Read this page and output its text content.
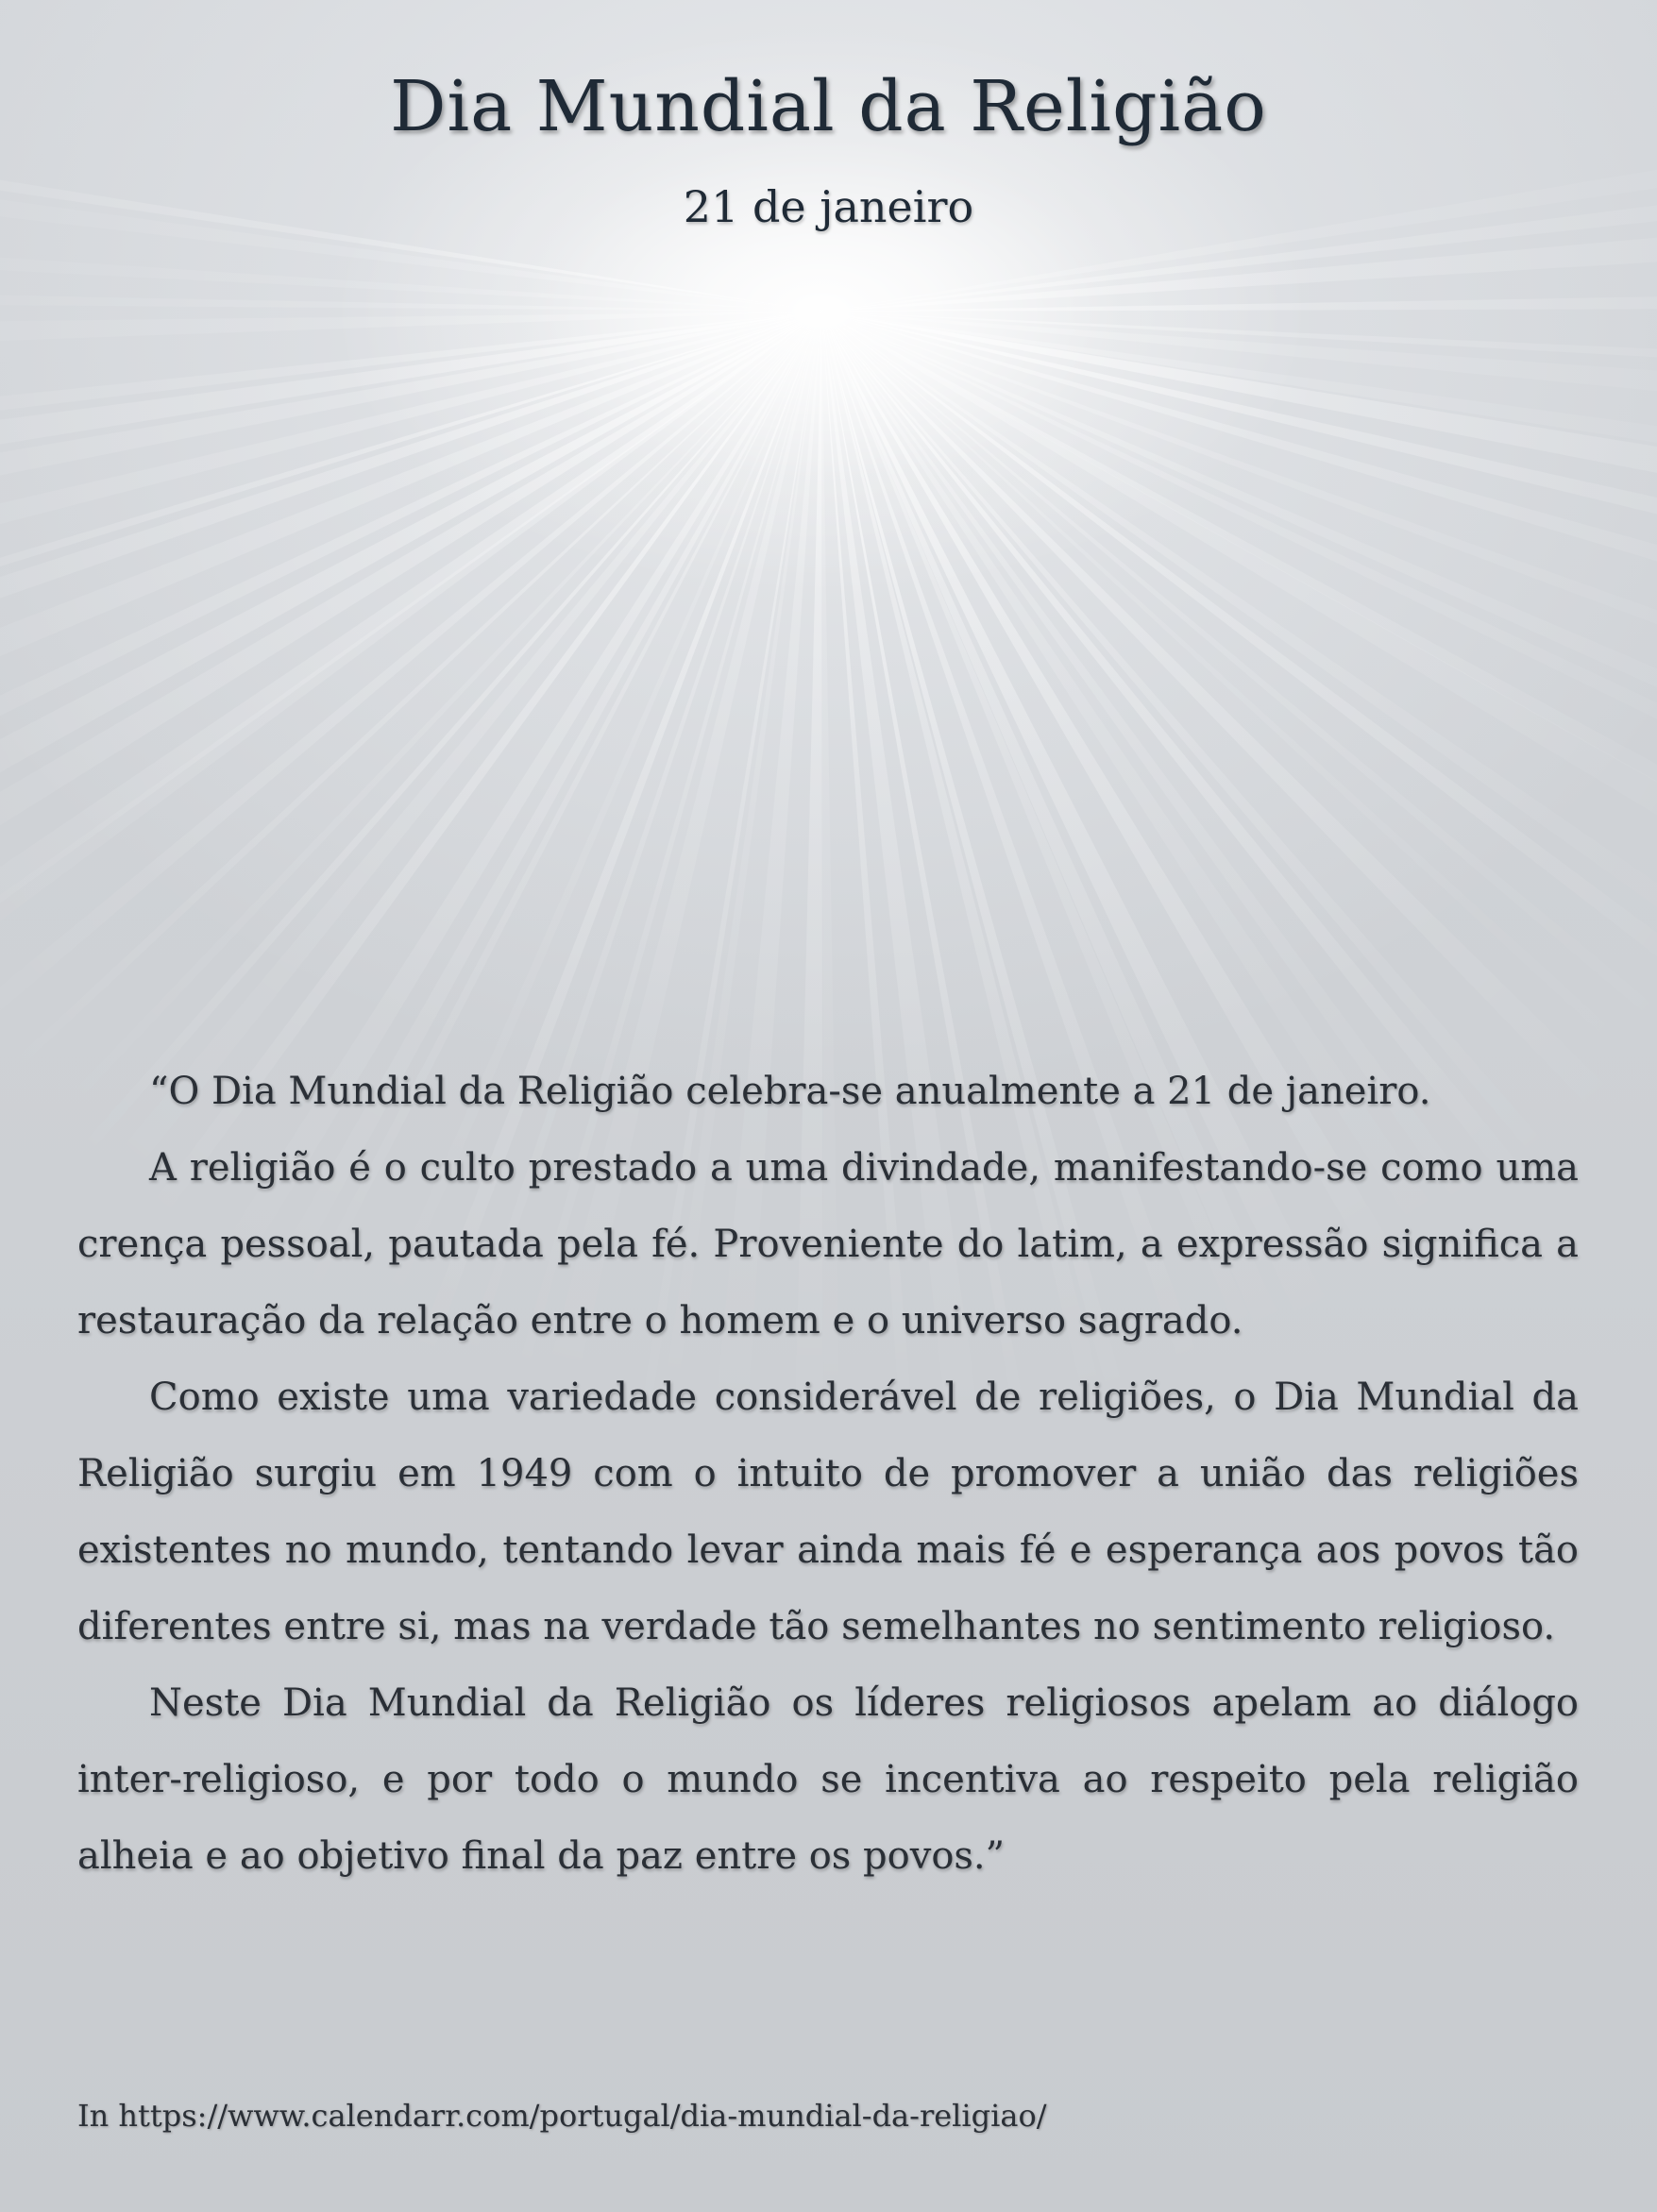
Dia Mundial da Religião
21 de janeiro

“O Dia Mundial da Religião celebra-se anualmente a 21 de janeiro.

A religião é o culto prestado a uma divindade, manifestando-se como uma crença pessoal, pautada pela fé. Proveniente do latim, a expressão significa a restauração da relação entre o homem e o universo sagrado.

Como existe uma variedade considerável de religiões, o Dia Mundial da Religião surgiu em 1949 com o intuito de promover a união das religiões existentes no mundo, tentando levar ainda mais fé e esperança aos povos tão diferentes entre si, mas na verdade tão semelhantes no sentimento religioso.

Neste Dia Mundial da Religião os líderes religiosos apelam ao diálogo inter-religioso, e por todo o mundo se incentiva ao respeito pela religião alheia e ao objetivo final da paz entre os povos.”

In https://www.calendarr.com/portugal/dia-mundial-da-religiao/
